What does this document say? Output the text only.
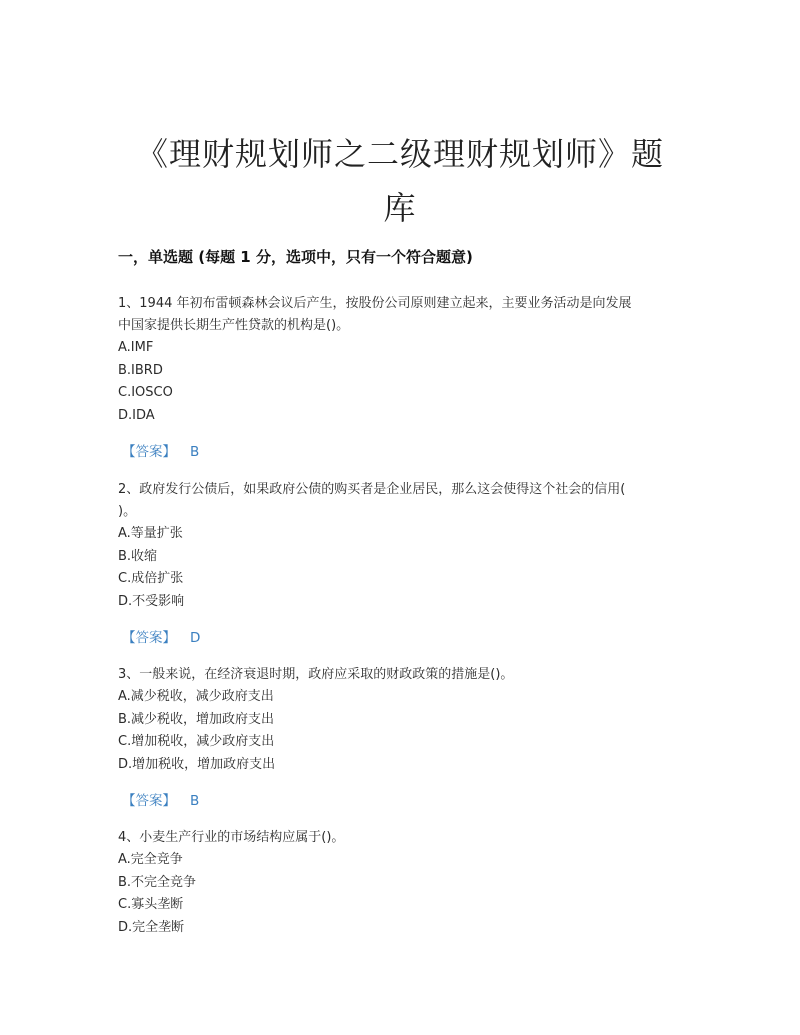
《理财规划师之二级理财规划师》题
库
一，单选题 (每题 1 分，选项中，只有一个符合题意)

1、1944 年初布雷顿森林会议后产生，按股份公司原则建立起来，主要业务活动是向发展
中国家提供长期生产性贷款的机构是()。

A.IMF
B.IBRD
C.IOSCO
D.IDA
【答案】 B

2、政府发行公债后，如果政府公债的购买者是企业居民，那么这会使得这个社会的信用(
)。

A.等量扩张
B.收缩
C.成倍扩张
D.不受影响
【答案】 D

3、一般来说，在经济衰退时期，政府应采取的财政政策的措施是()。

A.减少税收，减少政府支出
B.减少税收，增加政府支出
C.增加税收，减少政府支出
D.增加税收，增加政府支出
【答案】 B

4、小麦生产行业的市场结构应属于()。

A.完全竞争
B.不完全竞争
C.寡头垄断
D.完全垄断
